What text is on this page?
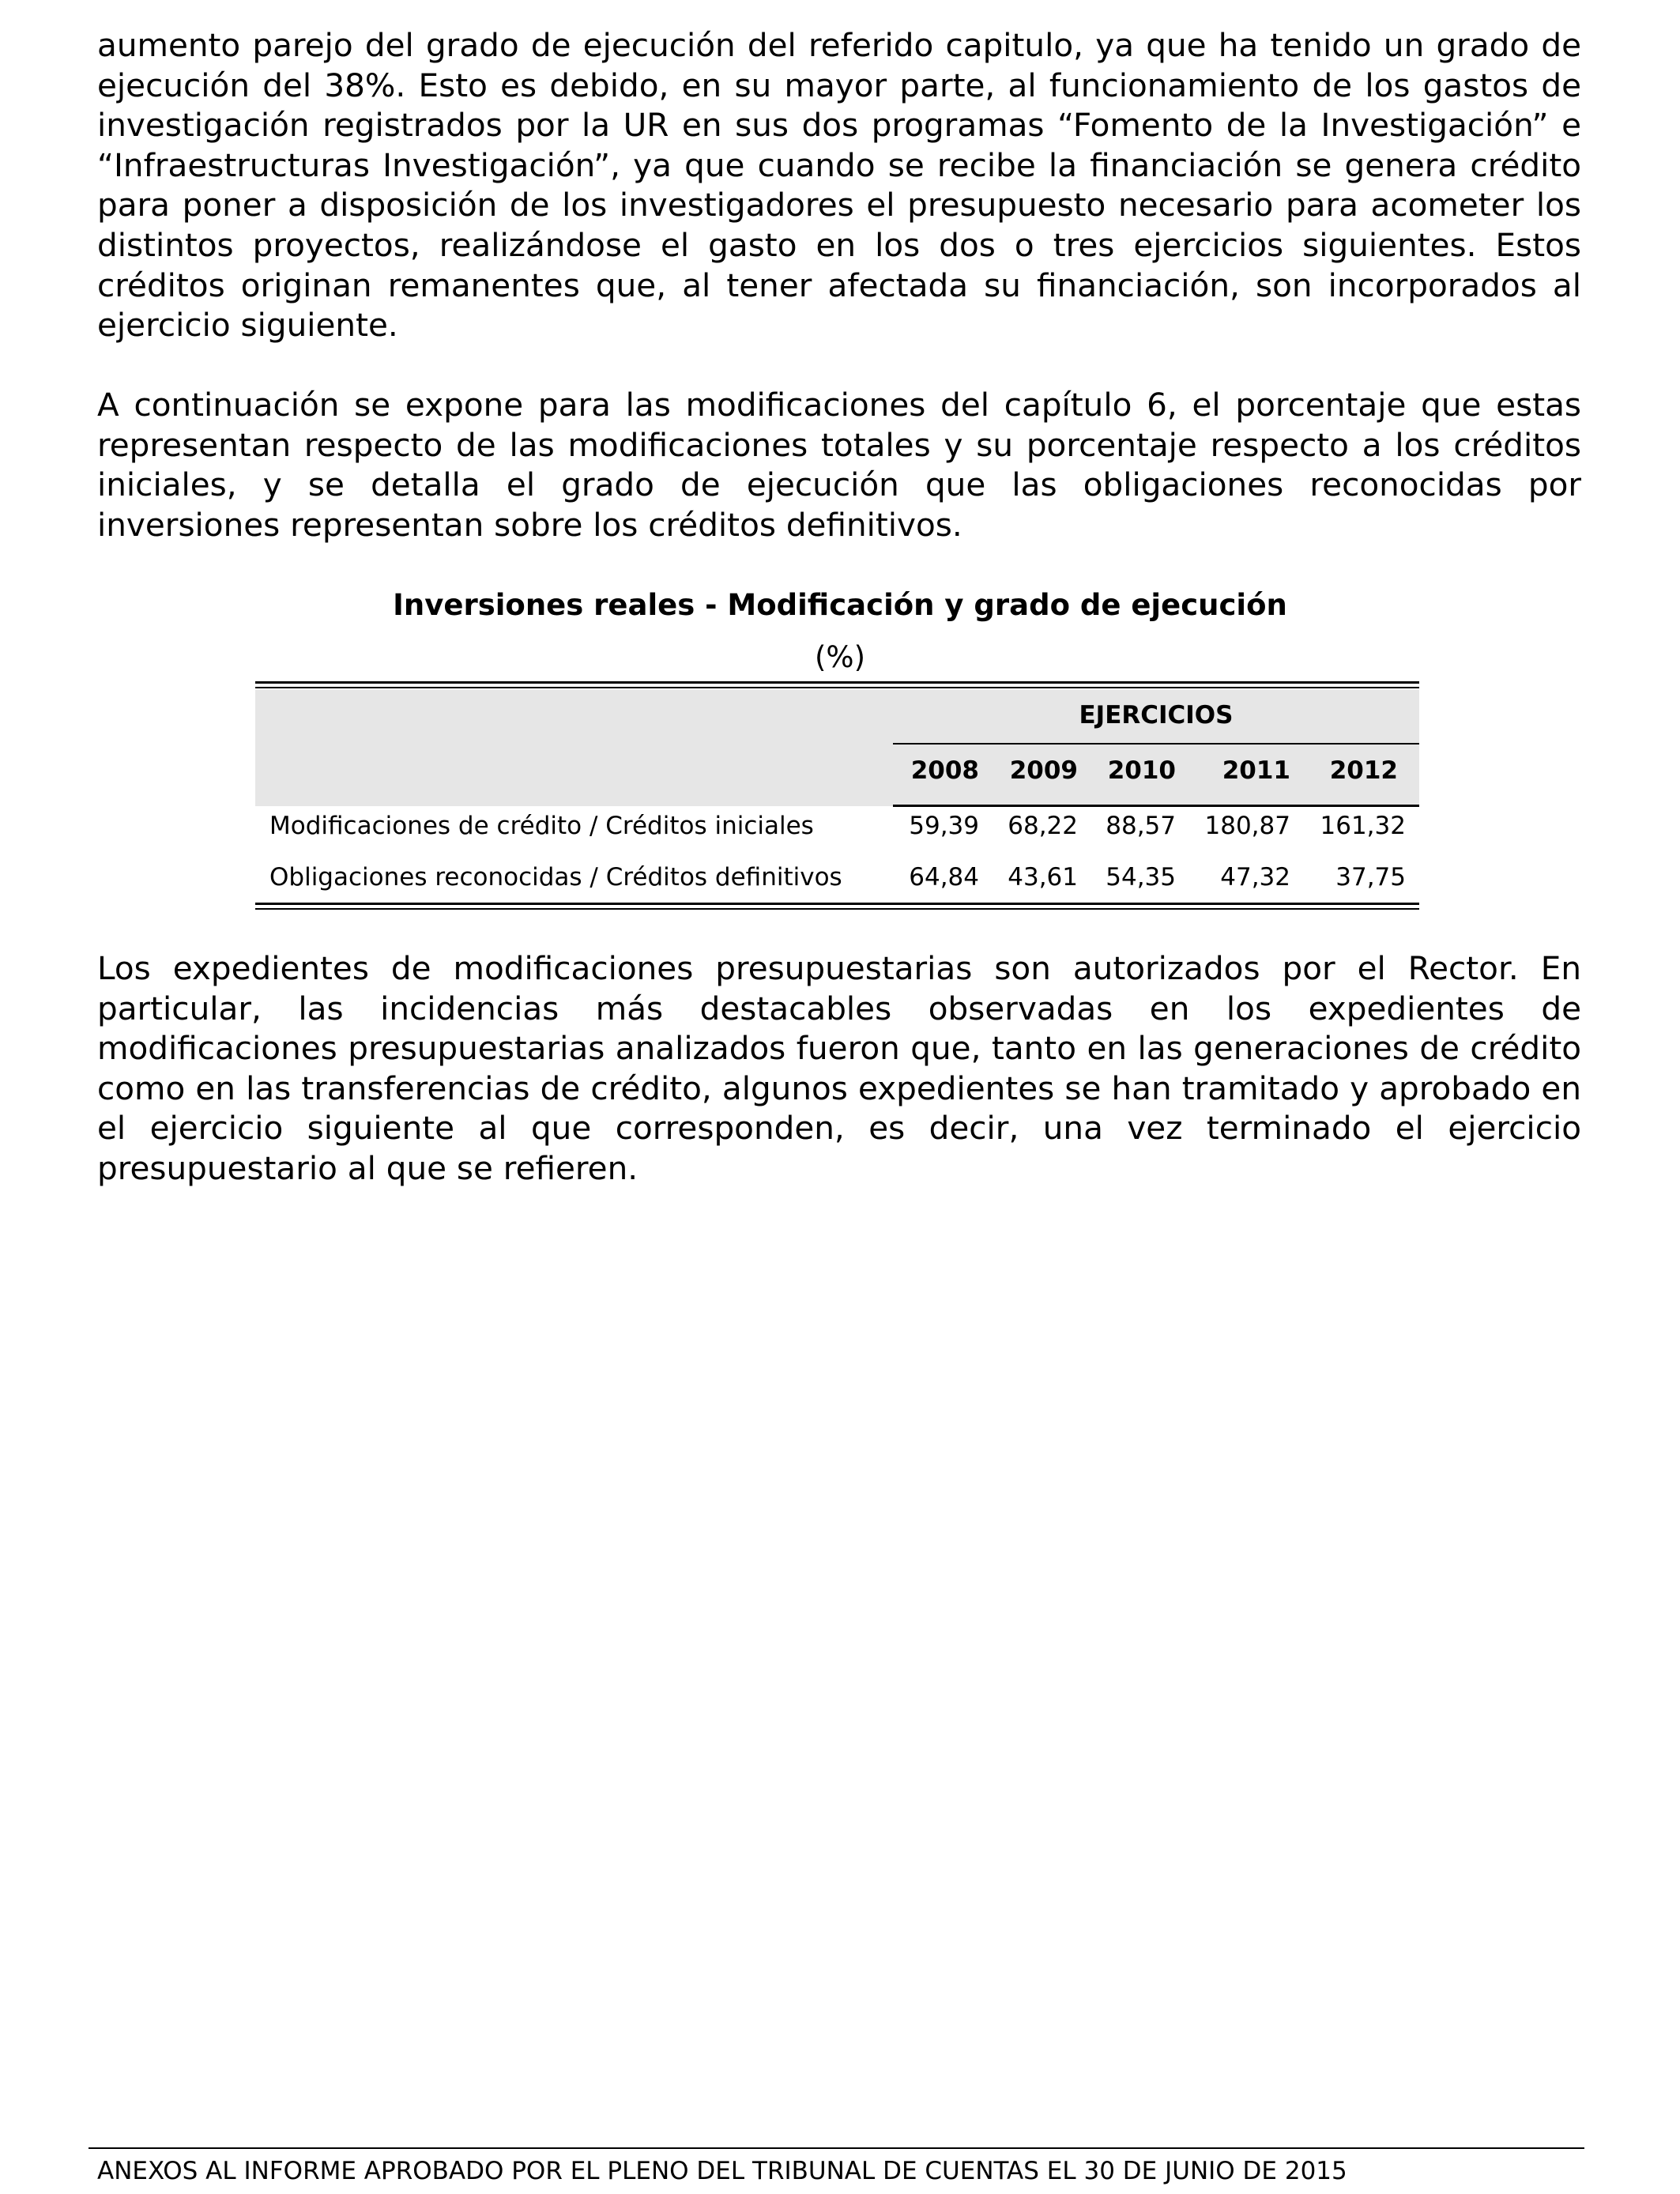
aumento parejo del grado de ejecución del referido capitulo, ya que ha tenido un grado de ejecución del 38%. Esto es debido, en su mayor parte, al funcionamiento de los gastos de investigación registrados por la UR en sus dos programas “Fomento de la Investigación” e “Infraestructuras Investigación”, ya que cuando se recibe la financiación se genera crédito para poner a disposición de los investigadores el presupuesto necesario para acometer los distintos proyectos, realizándose el gasto en los dos o tres ejercicios siguientes. Estos créditos originan remanentes que, al tener afectada su financiación, son incorporados al ejercicio siguiente.

A continuación se expone para las modificaciones del capítulo 6, el porcentaje que estas representan respecto de las modificaciones totales y su porcentaje respecto a los créditos iniciales, y se detalla el grado de ejecución que las obligaciones reconocidas por inversiones representan sobre los créditos definitivos.

Inversiones reales - Modificación y grado de ejecución
(%)
EJERCICIOS
2008	2009	2010	2011	2012
Modificaciones de crédito / Créditos iniciales	59,39	68,22	88,57	180,87	161,32
Obligaciones reconocidas / Créditos definitivos	64,84	43,61	54,35	47,32	37,75

Los expedientes de modificaciones presupuestarias son autorizados por el Rector. En particular, las incidencias más destacables observadas en los expedientes de modificaciones presupuestarias analizados fueron que, tanto en las generaciones de crédito como en las transferencias de crédito, algunos expedientes se han tramitado y aprobado en el ejercicio siguiente al que corresponden, es decir, una vez terminado el ejercicio presupuestario al que se refieren.

ANEXOS AL INFORME APROBADO POR EL PLENO DEL TRIBUNAL DE CUENTAS EL 30 DE JUNIO DE 2015
